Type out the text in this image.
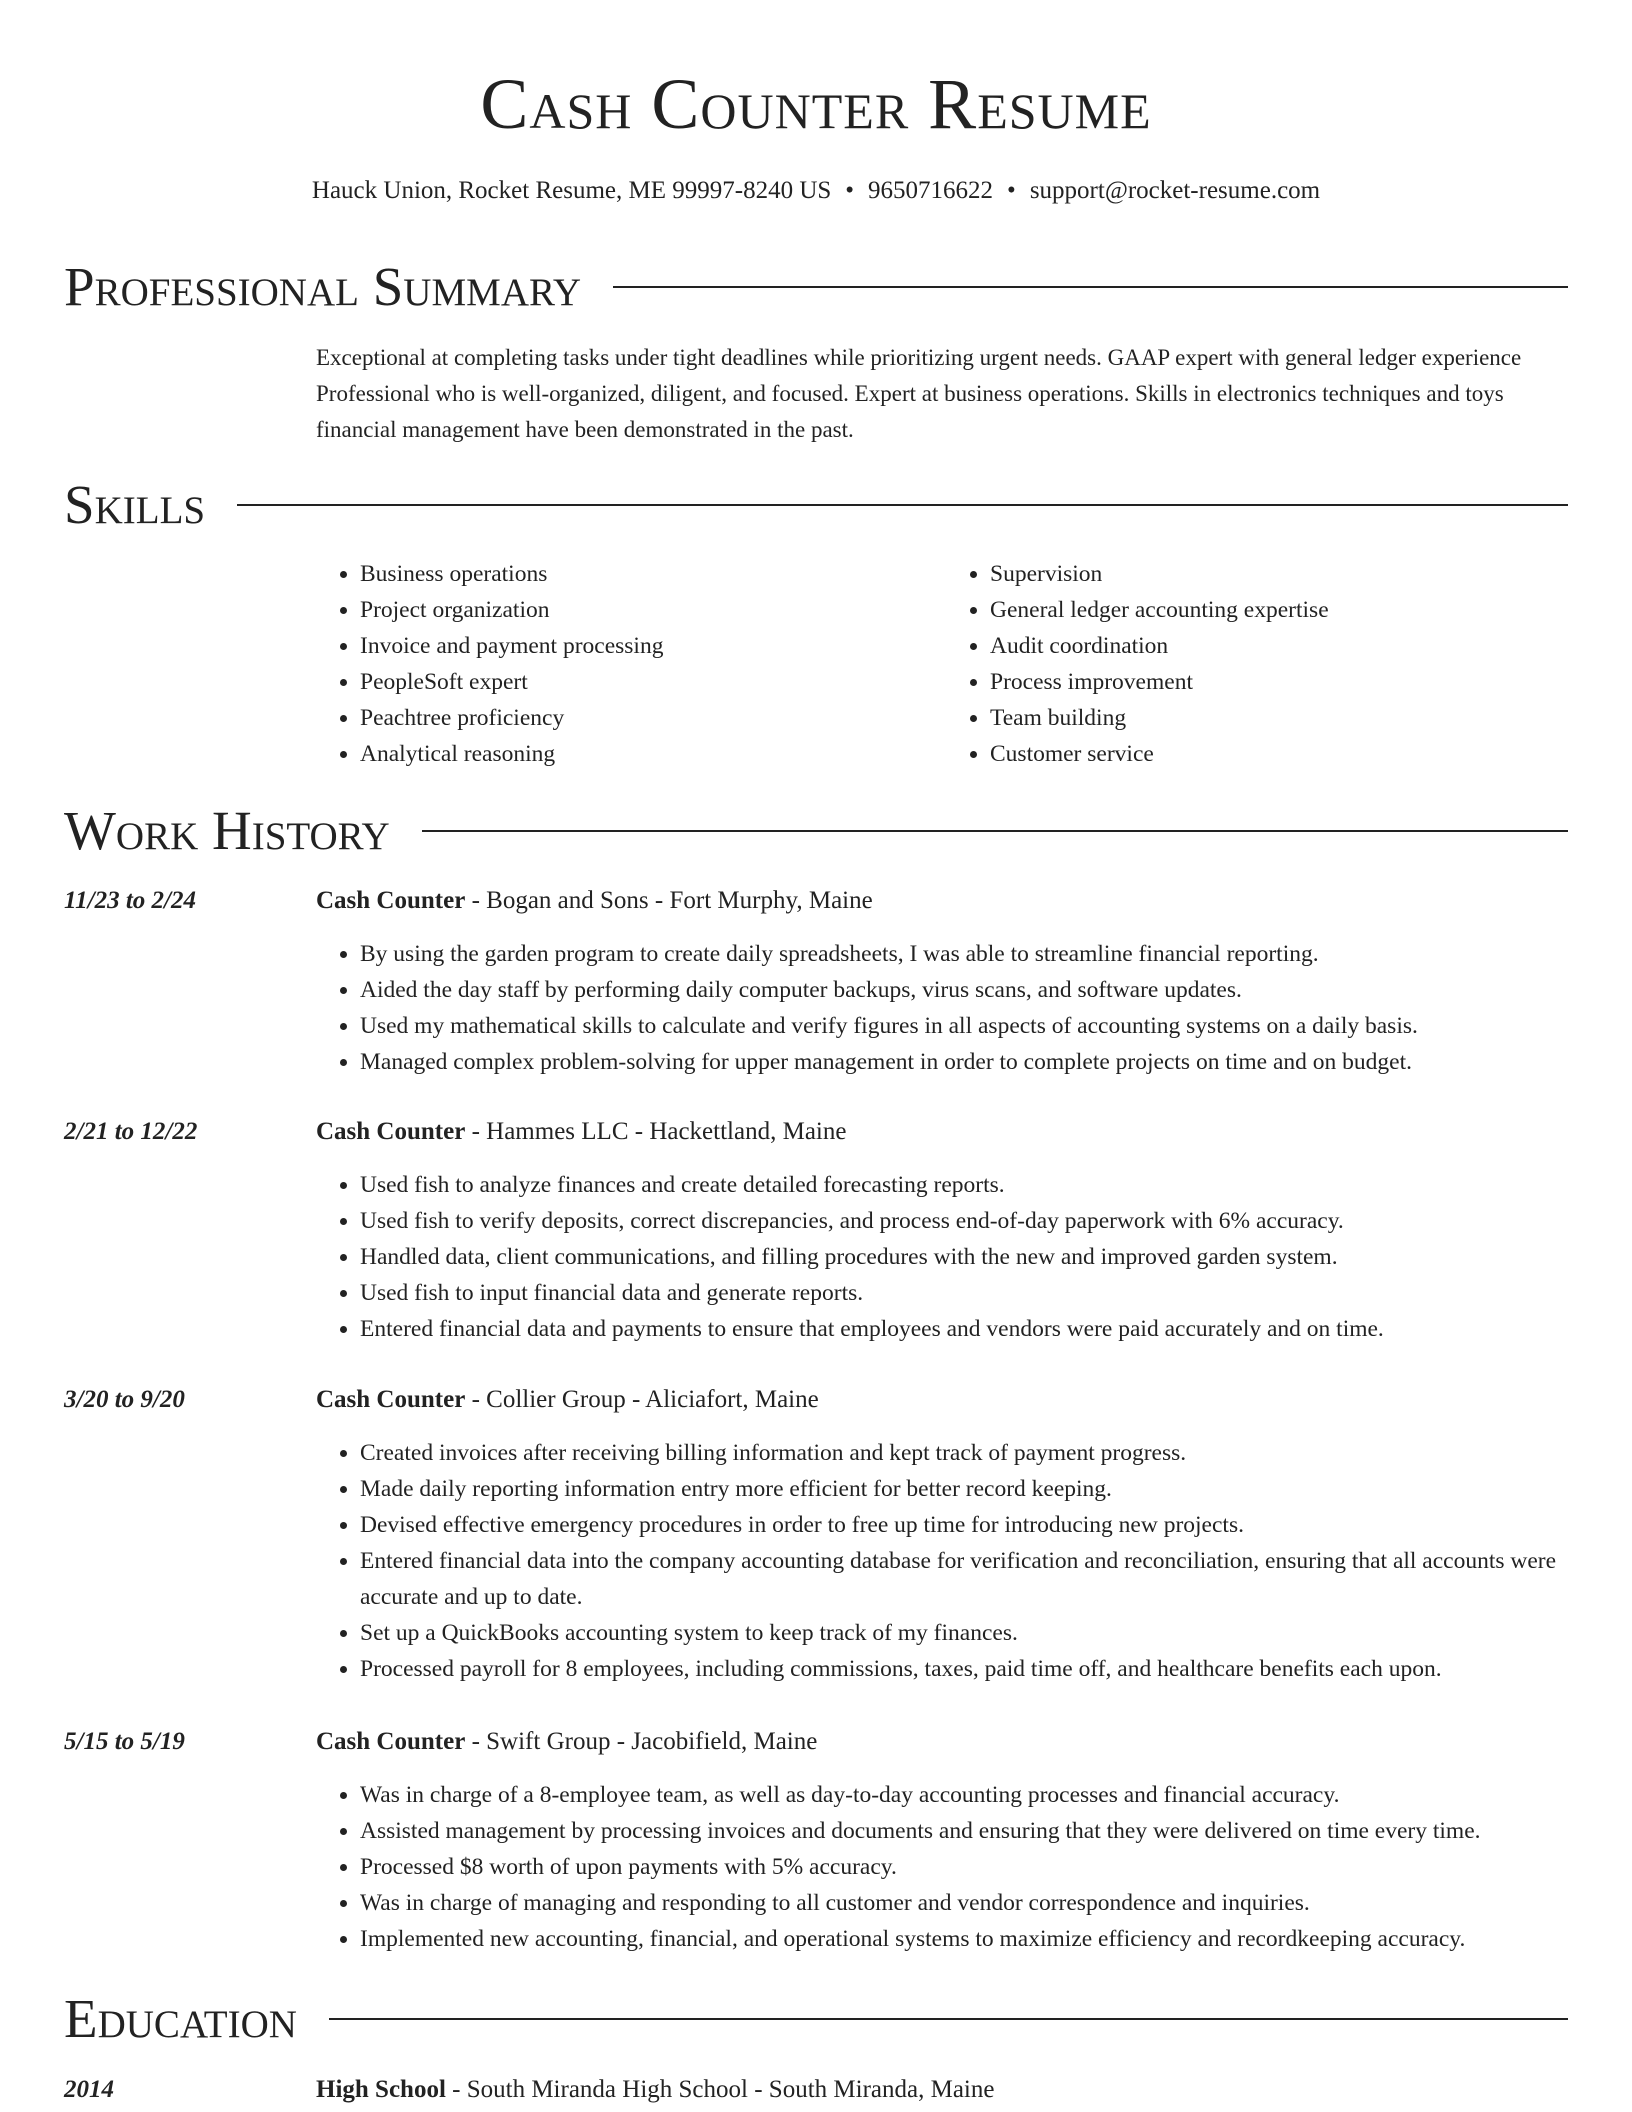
Cash Counter Resume
Hauck Union, Rocket Resume, ME 99997-8240 US • 9650716622 • support@rocket-resume.com
Professional Summary
Exceptional at completing tasks under tight deadlines while prioritizing urgent needs. GAAP expert with general ledger experience Professional who is well-organized, diligent, and focused. Expert at business operations. Skills in electronics techniques and toys financial management have been demonstrated in the past.
Skills
• Business operations
• Project organization
• Invoice and payment processing
• PeopleSoft expert
• Peachtree proficiency
• Analytical reasoning
• Supervision
• General ledger accounting expertise
• Audit coordination
• Process improvement
• Team building
• Customer service
Work History
11/23 to 2/24	Cash Counter - Bogan and Sons - Fort Murphy, Maine
• By using the garden program to create daily spreadsheets, I was able to streamline financial reporting.
• Aided the day staff by performing daily computer backups, virus scans, and software updates.
• Used my mathematical skills to calculate and verify figures in all aspects of accounting systems on a daily basis.
• Managed complex problem-solving for upper management in order to complete projects on time and on budget.
2/21 to 12/22	Cash Counter - Hammes LLC - Hackettland, Maine
• Used fish to analyze finances and create detailed forecasting reports.
• Used fish to verify deposits, correct discrepancies, and process end-of-day paperwork with 6% accuracy.
• Handled data, client communications, and filling procedures with the new and improved garden system.
• Used fish to input financial data and generate reports.
• Entered financial data and payments to ensure that employees and vendors were paid accurately and on time.
3/20 to 9/20	Cash Counter - Collier Group - Aliciafort, Maine
• Created invoices after receiving billing information and kept track of payment progress.
• Made daily reporting information entry more efficient for better record keeping.
• Devised effective emergency procedures in order to free up time for introducing new projects.
• Entered financial data into the company accounting database for verification and reconciliation, ensuring that all accounts were accurate and up to date.
• Set up a QuickBooks accounting system to keep track of my finances.
• Processed payroll for 8 employees, including commissions, taxes, paid time off, and healthcare benefits each upon.
5/15 to 5/19	Cash Counter - Swift Group - Jacobifield, Maine
• Was in charge of a 8-employee team, as well as day-to-day accounting processes and financial accuracy.
• Assisted management by processing invoices and documents and ensuring that they were delivered on time every time.
• Processed $8 worth of upon payments with 5% accuracy.
• Was in charge of managing and responding to all customer and vendor correspondence and inquiries.
• Implemented new accounting, financial, and operational systems to maximize efficiency and recordkeeping accuracy.
Education
2014	High School - South Miranda High School - South Miranda, Maine
